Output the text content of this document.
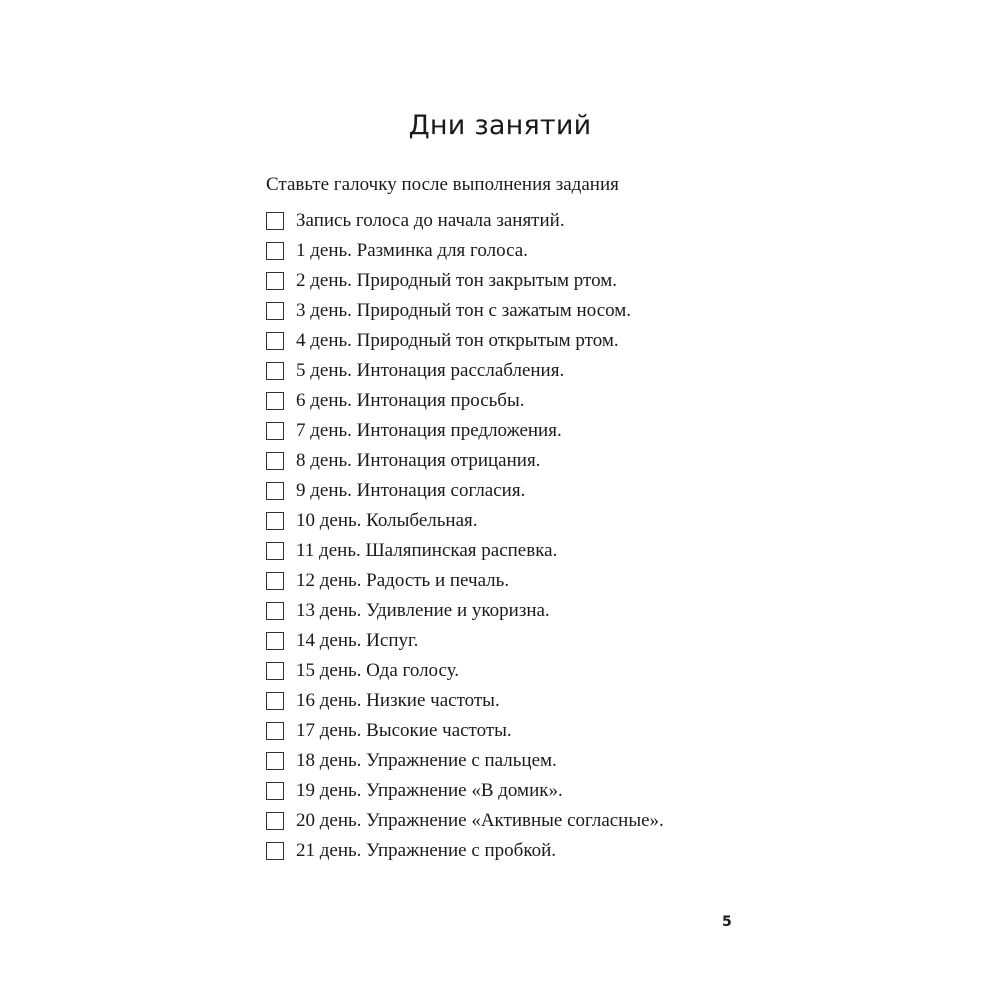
Дни занятий

Ставьте галочку после выполнения задания

Запись голоса до начала занятий.
1 день. Разминка для голоса.
2 день. Природный тон закрытым ртом.
3 день. Природный тон с зажатым носом.
4 день. Природный тон открытым ртом.
5 день. Интонация расслабления.
6 день. Интонация просьбы.
7 день. Интонация предложения.
8 день. Интонация отрицания.
9 день. Интонация согласия.
10 день. Колыбельная.
11 день. Шаляпинская распевка.
12 день. Радость и печаль.
13 день. Удивление и укоризна.
14 день. Испуг.
15 день. Ода голосу.
16 день. Низкие частоты.
17 день. Высокие частоты.
18 день. Упражнение с пальцем.
19 день. Упражнение «В домик».
20 день. Упражнение «Активные согласные».
21 день. Упражнение с пробкой.
5
